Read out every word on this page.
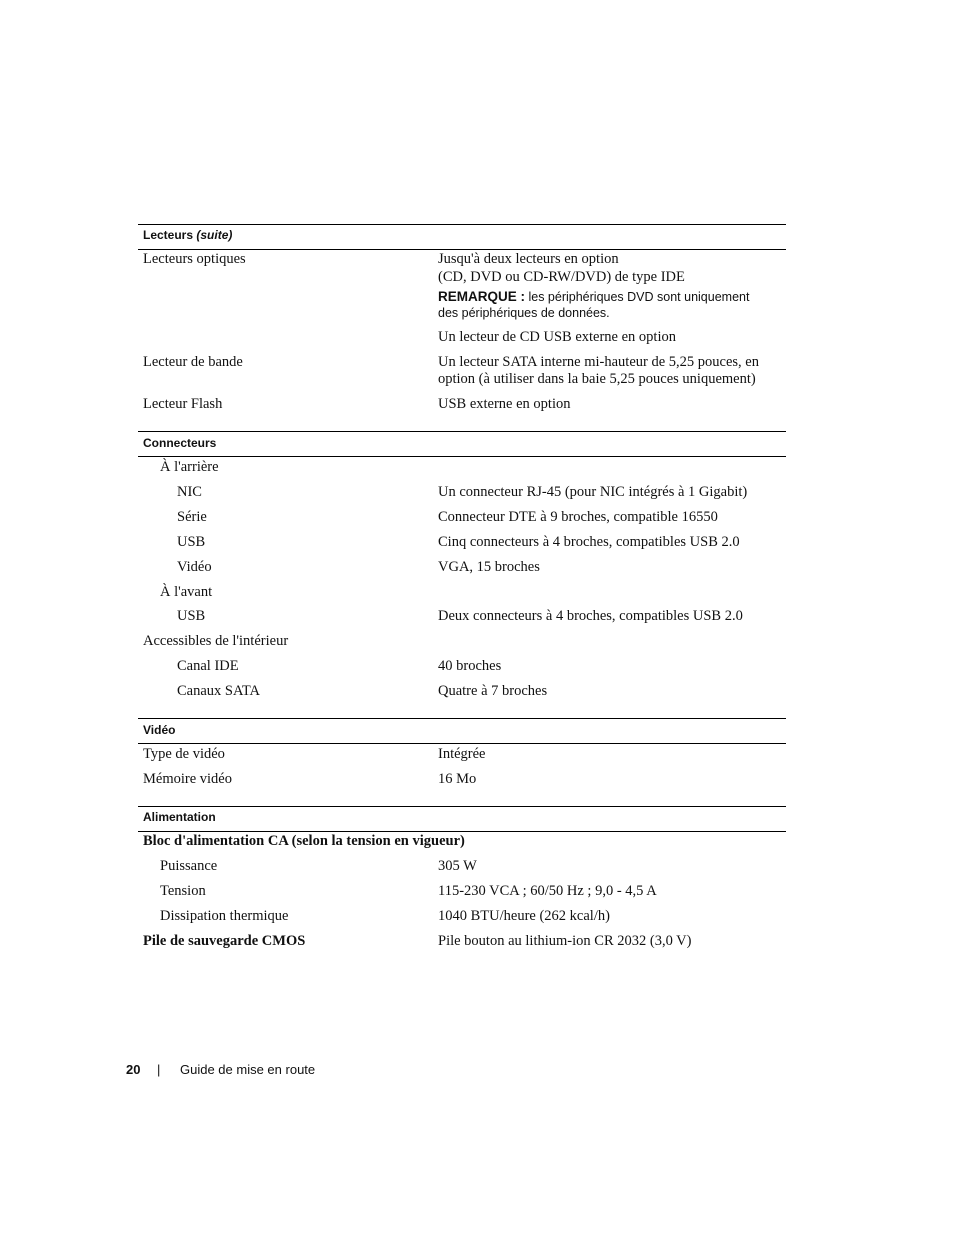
Lecteurs (suite)
Lecteurs optiques	Jusqu'à deux lecteurs en option
(CD, DVD ou CD-RW/DVD) de type IDE
REMARQUE : les périphériques DVD sont uniquement
des périphériques de données.
Un lecteur de CD USB externe en option
Lecteur de bande	Un lecteur SATA interne mi-hauteur de 5,25 pouces, en
option (à utiliser dans la baie 5,25 pouces uniquement)
Lecteur Flash	USB externe en option
Connecteurs
À l'arrière
NIC	Un connecteur RJ-45 (pour NIC intégrés à 1 Gigabit)
Série	Connecteur DTE à 9 broches, compatible 16550
USB	Cinq connecteurs à 4 broches, compatibles USB 2.0
Vidéo	VGA, 15 broches
À l'avant
USB	Deux connecteurs à 4 broches, compatibles USB 2.0
Accessibles de l'intérieur
Canal IDE	40 broches
Canaux SATA	Quatre à 7 broches
Vidéo
Type de vidéo	Intégrée
Mémoire vidéo	16 Mo
Alimentation
Bloc d'alimentation CA (selon la tension en vigueur)
Puissance	305 W
Tension	115-230 VCA ; 60/50 Hz ; 9,0 - 4,5 A
Dissipation thermique	1040 BTU/heure (262 kcal/h)
Pile de sauvegarde CMOS	Pile bouton au lithium-ion CR 2032 (3,0 V)
20 | Guide de mise en route
